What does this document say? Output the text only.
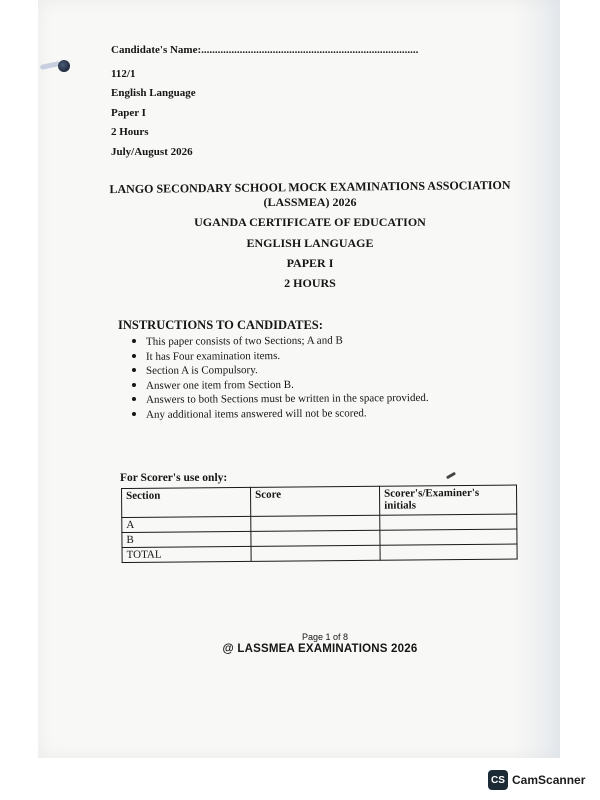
Candidate's Name:...............................................................................
112/1
English Language
Paper I
2 Hours
July/August 2026
LANGO SECONDARY SCHOOL MOCK EXAMINATIONS ASSOCIATION
(LASSMEA) 2026
UGANDA CERTIFICATE OF EDUCATION
ENGLISH LANGUAGE
PAPER I
2 HOURS
INSTRUCTIONS TO CANDIDATES:
This paper consists of two Sections; A and B
It has Four examination items.
Section A is Compulsory.
Answer one item from Section B.
Answers to both Sections must be written in the space provided.
Any additional items answered will not be scored.
For Scorer's use only:
Section	Score	Scorer's/Examiner's initials
A		
B		
TOTAL		
Page 1 of 8
@ LASSMEA EXAMINATIONS 2026
CS CamScanner
